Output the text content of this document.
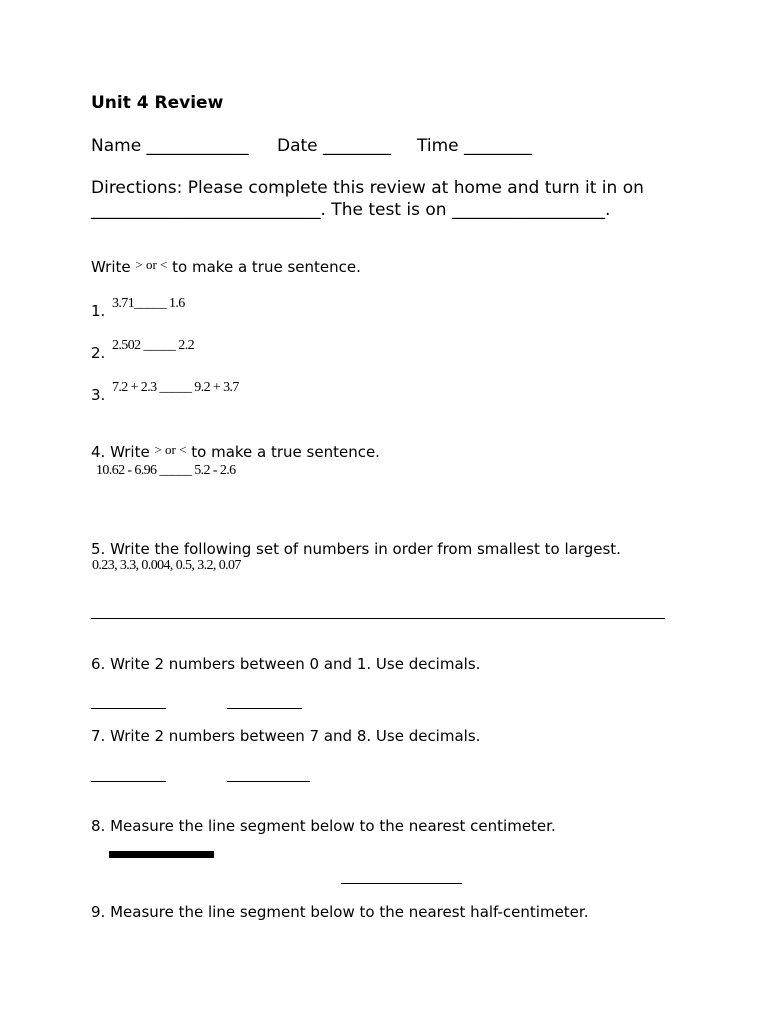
Unit 4 Review
Name ____________ Date ________ Time ________
Directions: Please complete this review at home and turn it in on
___________________________. The test is on __________________.
Write $^{> or <}$ to make a true sentence.
1. 3.71_____ 1.6
2. 2.502 _____ 2.2
3. 7.2 + 2.3 _____ 9.2 + 3.7
4. Write $^{> or <}$ to make a true sentence.
10.62 - 6.96 _____ 5.2 - 2.6
5. Write the following set of numbers in order from smallest to largest.
0.23, 3.3, 0.004, 0.5, 3.2, 0.07
6. Write 2 numbers between 0 and 1. Use decimals.
7. Write 2 numbers between 7 and 8. Use decimals.
8. Measure the line segment below to the nearest centimeter.
9. Measure the line segment below to the nearest half-centimeter.
